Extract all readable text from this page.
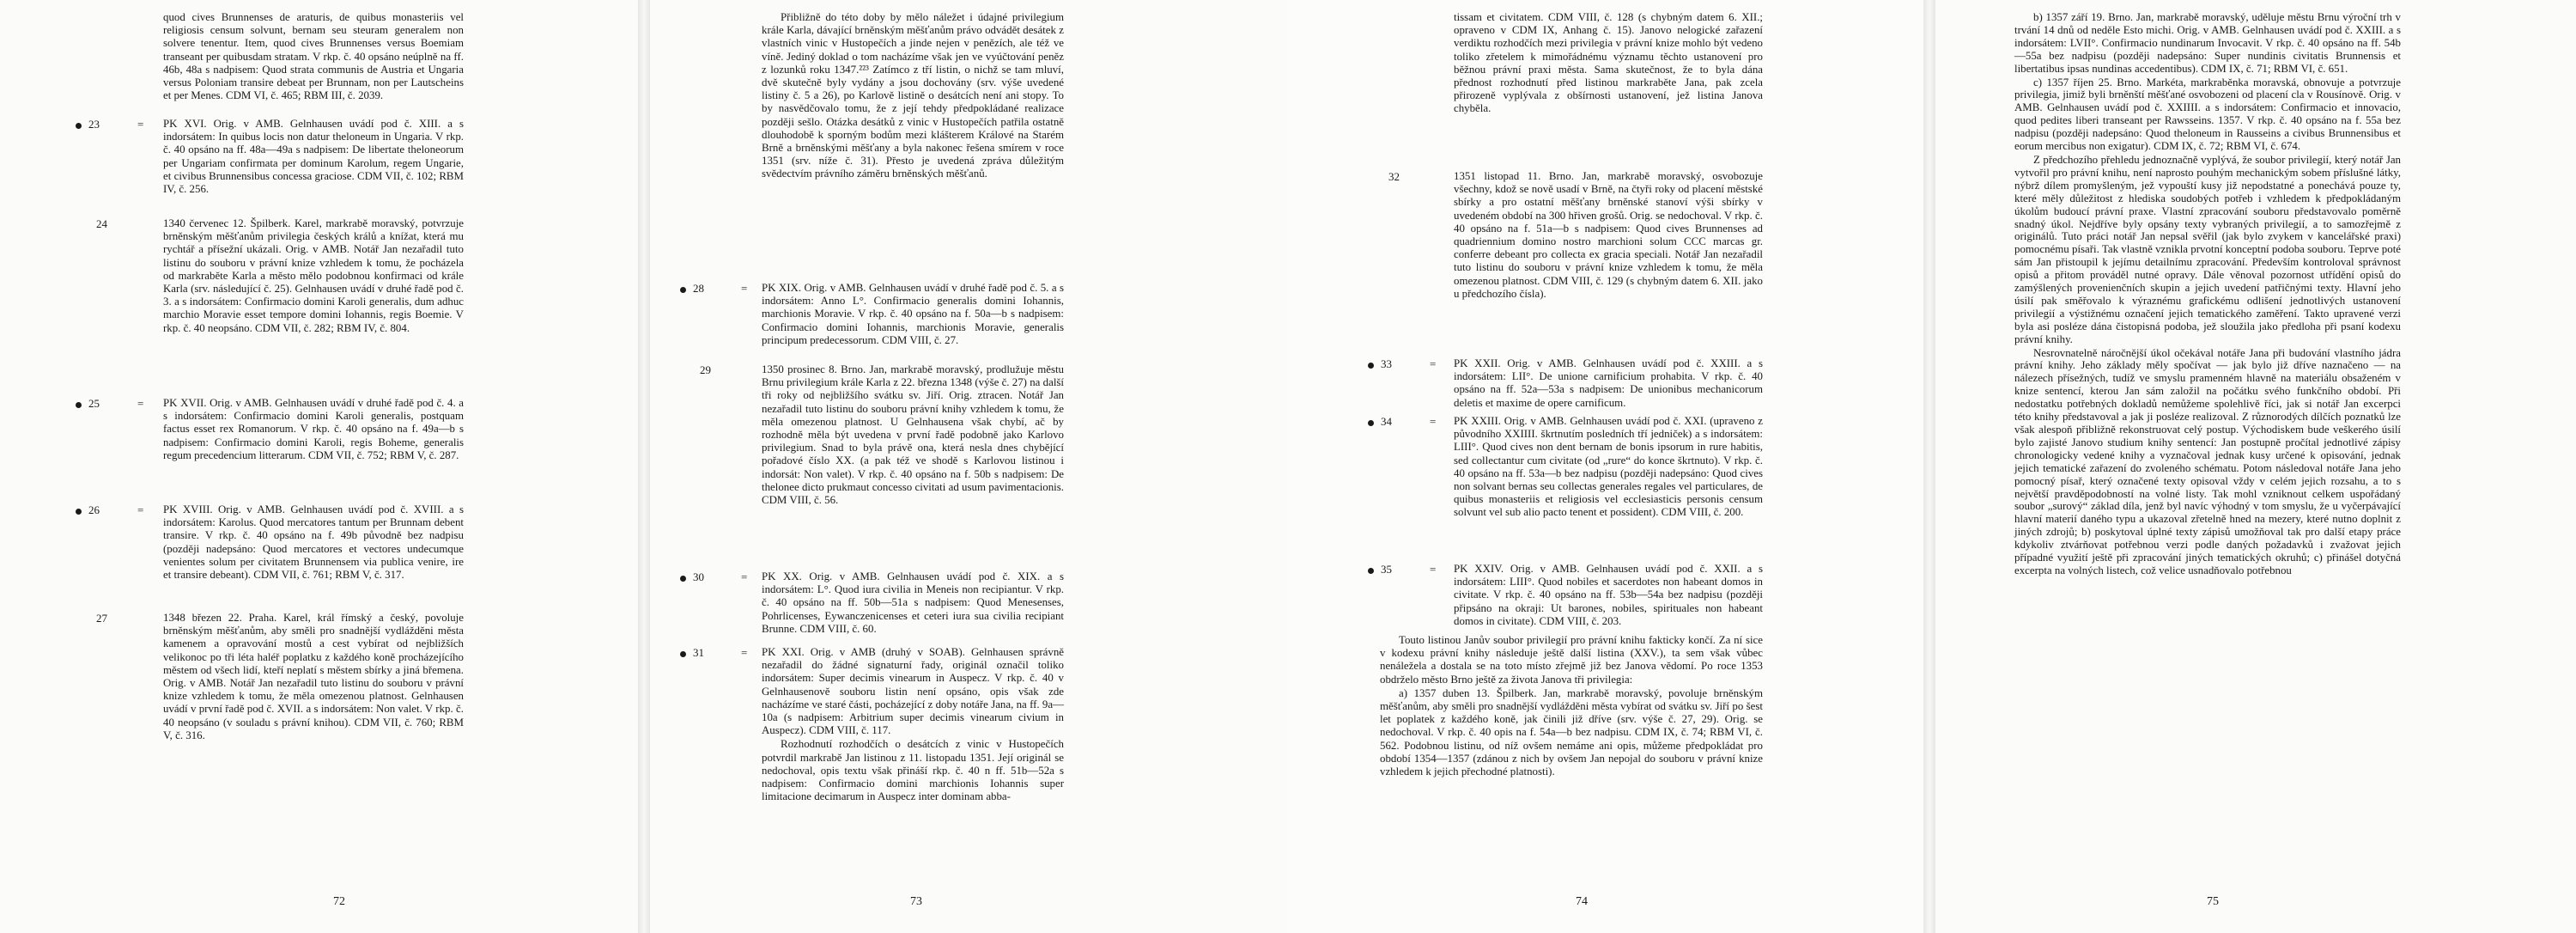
quod cives Brunnenses de araturis, de quibus monasteriis vel religiosis censum solvunt, bernam seu steuram generalem non solvere tenentur. Item, quod cives Brunnenses versus Boemiam transeant per quibusdam stratam. V rkp. č. 40 opsáno neúplně na ff. 46b, 48a s nadpisem: Quod strata communis de Austria et Ungaria versus Poloniam transire debeat per Brunnam, non per Lautscheins et per Menes. CDM VI, č. 465; RBM III, č. 2039.

23	= PK XVI. Orig. v AMB. Gelnhausen uvádí pod č. XIII. a s indorsátem: In quibus locis non datur theloneum in Ungaria. V rkp. č. 40 opsáno na ff. 48a—49a s nadpisem: De libertate theloneorum per Ungariam confirmata per dominum Karolum, regem Ungarie, et civibus Brunnensibus concessa graciose. CDM VII, č. 102; RBM IV, č. 256.

24	1340 červenec 12. Špilberk. Karel, markrabě moravský, potvrzuje brněnským měšťanům privilegia českých králů a knížat, která mu rychtář a přísežní ukázali. Orig. v AMB. Notář Jan nezařadil tuto listinu do souboru v právní knize vzhledem k tomu, že pocházela od markraběte Karla a město mělo podobnou konfirmaci od krále Karla (srv. následující č. 25). Gelnhausen uvádí v druhé řadě pod č. 3. a s indorsátem: Confirmacio domini Karoli generalis, dum adhuc marchio Moravie esset tempore domini Iohannis, regis Boemie. V rkp. č. 40 neopsáno. CDM VII, č. 282; RBM IV, č. 804.

25	= PK XVII. Orig. v AMB. Gelnhausen uvádí v druhé řadě pod č. 4. a s indorsátem: Confirmacio domini Karoli generalis, postquam factus esset rex Romanorum. V rkp. č. 40 opsáno na f. 49a—b s nadpisem: Confirmacio domini Karoli, regis Boheme, generalis regum precedencium litterarum. CDM VII, č. 752; RBM V, č. 287.

26	= PK XVIII. Orig. v AMB. Gelnhausen uvádí pod č. XVIII. a s indorsátem: Karolus. Quod mercatores tantum per Brunnam debent transire. V rkp. č. 40 opsáno na f. 49b původně bez nadpisu (později nadepsáno: Quod mercatores et vectores undecumque venientes solum per civitatem Brunnensem via publica venire, ire et transire debeant). CDM VII, č. 761; RBM V, č. 317.

27	1348 březen 22. Praha. Karel, král římský a český, povoluje brněnským měšťanům, aby směli pro snadnější vydlážděni města kamenem a opravování mostů a cest vybírat od nejbližších velikonoc po tři léta haléř poplatku z každého koně procházejícího městem od všech lidí, kteří neplatí s městem sbírky a jiná břemena. Orig. v AMB. Notář Jan nezařadil tuto listinu do souboru v právní knize vzhledem k tomu, že měla omezenou platnost. Gelnhausen uvádí v první řadě pod č. XVII. a s indorsátem: Non valet. V rkp. č. 40 neopsáno (v souladu s právní knihou). CDM VII, č. 760; RBM V, č. 316.

72

Přibližně do této doby by mělo náležet i údajné privilegium krále Karla, dávající brněnským měšťanům právo odvádět desátek z vlastních vinic v Hustopečích a jinde nejen v penězích, ale též ve víně. Jediný doklad o tom nacházíme však jen ve vyúčtování peněz z lozunků roku 1347.²²³ Zatímco z tří listin, o nichž se tam mluví, dvě skutečně byly vydány a jsou dochovány (srv. výše uvedené listiny č. 5 a 26), po Karlově listině o desátcích není ani stopy. To by nasvědčovalo tomu, že z její tehdy předpokládané realizace později sešlo. Otázka desátků z vinic v Hustopečích patřila ostatně dlouhodobě k sporným bodům mezi klášterem Králové na Starém Brně a brněnskými měšťany a byla nakonec řešena smírem v roce 1351 (srv. níže č. 31). Přesto je uvedená zpráva důležitým svědectvím právního záměru brněnských měšťanů.

28	= PK XIX. Orig. v AMB. Gelnhausen uvádí v druhé řadě pod č. 5. a s indorsátem: Anno L°. Confirmacio generalis domini Iohannis, marchionis Moravie. V rkp. č. 40 opsáno na f. 50a—b s nadpisem: Confirmacio domini Iohannis, marchionis Moravie, generalis principum predecessorum. CDM VIII, č. 27.

29	1350 prosinec 8. Brno. Jan, markrabě moravský, prodlužuje městu Brnu privilegium krále Karla z 22. března 1348 (výše č. 27) na další tři roky od nejbližšího svátku sv. Jiří. Orig. ztracen. Notář Jan nezařadil tuto listinu do souboru právní knihy vzhledem k tomu, že měla omezenou platnost. U Gelnhausena však chybí, ač by rozhodně měla být uvedena v první řadě podobně jako Karlovo privilegium. Snad to byla právě ona, která nesla dnes chybějící pořadové číslo XX. (a pak též ve shodě s Karlovou listinou i indorsát: Non valet). V rkp. č. 40 opsáno na f. 50b s nadpisem: De thelonee dicto prukmaut concesso civitati ad usum pavimentacionis. CDM VIII, č. 56.

30	= PK XX. Orig. v AMB. Gelnhausen uvádí pod č. XIX. a s indorsátem: L°. Quod iura civilia in Meneis non recipiantur. V rkp. č. 40 opsáno na ff. 50b—51a s nadpisem: Quod Menesenses, Pohrlicenses, Eywanczenicenses et ceteri iura sua civilia recipiant Brunne. CDM VIII, č. 60.

31	= PK XXI. Orig. v AMB (druhý v SOAB). Gelnhausen správně nezařadil do žádné signaturní řady, originál označil toliko indorsátem: Super decimis vinearum in Auspecz. V rkp. č. 40 v Gelnhausenově souboru listin není opsáno, opis však zde nacházíme ve staré části, pocházející z doby notáře Jana, na ff. 9a—10a (s nadpisem: Arbitrium super decimis vinearum civium in Auspecz). CDM VIII, č. 117.

Rozhodnutí rozhodčích o desátcích z vinic v Hustopečích potvrdil markrabě Jan listinou z 11. listopadu 1351. Její originál se nedochoval, opis textu však přináší rkp. č. 40 n ff. 51b—52a s nadpisem: Confirmacio domini marchionis Iohannis super limitacione decimarum in Auspecz inter dominam abba-

73

tissam et civitatem. CDM VIII, č. 128 (s chybným datem 6. XII.; opraveno v CDM IX, Anhang č. 15). Janovo nelogické zařazení verdiktu rozhodčích mezi privilegia v právní knize mohlo být vedeno toliko zřetelem k mimořádnému významu těchto ustanovení pro běžnou právní praxi města. Sama skutečnost, že to byla dána přednost rozhodnutí před listinou markraběte Jana, pak zcela přirozeně vyplývala z obšírnosti ustanovení, jež listina Janova chyběla.

32	1351 listopad 11. Brno. Jan, markrabě moravský, osvobozuje všechny, kdož se nově usadí v Brně, na čtyři roky od placení městské sbírky a pro ostatní měšťany brněnské stanoví výši sbírky v uvedeném období na 300 hřiven grošů. Orig. se nedochoval. V rkp. č. 40 opsáno na f. 51a—b s nadpisem: Quod cives Brunnenses ad quadriennium domino nostro marchioni solum CCC marcas gr. conferre debeant pro collecta ex gracia speciali. Notář Jan nezařadil tuto listinu do souboru v právní knize vzhledem k tomu, že měla omezenou platnost. CDM VIII, č. 129 (s chybným datem 6. XII. jako u předchozího čísla).

33	= PK XXII. Orig. v AMB. Gelnhausen uvádí pod č. XXIII. a s indorsátem: LII°. De unione carnificium prohabita. V rkp. č. 40 opsáno na ff. 52a—53a s nadpisem: De unionibus mechanicorum deletis et maxime de opere carnificum.

34	= PK XXIII. Orig. v AMB. Gelnhausen uvádí pod č. XXI. (upraveno z původního XXIIII. škrtnutím posledních tří jedniček) a s indorsátem: LIII°. Quod cives non dent bernam de bonis ipsorum in rure habitis, sed collectantur cum civitate (od „rure“ do konce škrtnuto). V rkp. č. 40 opsáno na ff. 53a—b bez nadpisu (později nadepsáno: Quod cives non solvant bernas seu collectas generales regales vel particulares, de quibus monasteriis et religiosis vel ecclesiasticis personis censum solvunt vel sub alio pacto tenent et possident). CDM VIII, č. 200.

35	= PK XXIV. Orig. v AMB. Gelnhausen uvádí pod č. XXII. a s indorsátem: LIII°. Quod nobiles et sacerdotes non habeant domos in civitate. V rkp. č. 40 opsáno na ff. 53b—54a bez nadpisu (později připsáno na okraji: Ut barones, nobiles, spirituales non habeant domos in civitate). CDM VIII, č. 203.

Touto listinou Janův soubor privilegií pro právní knihu fakticky končí. Za ní sice v kodexu právní knihy následuje ještě další listina (XXV.), ta sem však vůbec nenáležela a dostala se na toto místo zřejmě již bez Janova vědomí. Po roce 1353 obdrželo město Brno ještě za života Janova tři privilegia:

a) 1357 duben 13. Špilberk. Jan, markrabě moravský, povoluje brněnským měšťanům, aby směli pro snadnější vydlážděni města vybírat od svátku sv. Jiří po šest let poplatek z každého koně, jak činili již dříve (srv. výše č. 27, 29). Orig. se nedochoval. V rkp. č. 40 opis na f. 54a—b bez nadpisu. CDM IX, č. 74; RBM VI, č. 562. Podobnou listinu, od níž ovšem nemáme ani opis, můžeme předpokládat pro období 1354—1357 (zdánou z nich by ovšem Jan nepojal do souboru v právní knize vzhledem k jejich přechodné platnosti).

74

b) 1357 září 19. Brno. Jan, markrabě moravský, uděluje městu Brnu výroční trh v trvání 14 dnů od neděle Esto michi. Orig. v AMB. Gelnhausen uvádí pod č. XXIII. a s indorsátem: LVII°. Confirmacio nundinarum Invocavit. V rkp. č. 40 opsáno na ff. 54b—55a bez nadpisu (později nadepsáno: Super nundinis civitatis Brunnensis et libertatibus ipsas nundinas accedentibus). CDM IX, č. 71; RBM VI, č. 651.

c) 1357 říjen 25. Brno. Markéta, markraběnka moravská, obnovuje a potvrzuje privilegia, jimiž byli brněnští měšťané osvobozeni od placení cla v Rousínově. Orig. v AMB. Gelnhausen uvádí pod č. XXIIII. a s indorsátem: Confirmacio et innovacio, quod pedites liberi transeant per Rawsseins. 1357. V rkp. č. 40 opsáno na f. 55a bez nadpisu (později nadepsáno: Quod theloneum in Rausseins a civibus Brunnensibus et eorum mercibus non exigatur). CDM IX, č. 72; RBM VI, č. 674.

Z předchozího přehledu jednoznačně vyplývá, že soubor privilegií, který notář Jan vytvořil pro právní knihu, není naprosto pouhým mechanickým sobem příslušné látky, nýbrž dílem promyšleným, jež vypouští kusy již nepodstatné a ponechává pouze ty, které měly důležitost z hlediska soudobých potřeb i vzhledem k předpokládaným úkolům budoucí právní praxe. Vlastní zpracování souboru představovalo poměrně snadný úkol. Nejdříve byly opsány texty vybraných privilegií, a to samozřejmě z originálů. Tuto práci notář Jan nepsal svěřil (jak bylo zvykem v kancelářské praxi) pomocnému písaři. Tak vlastně vznikla prvotní konceptní podoba souboru. Teprve poté sám Jan přistoupil k jejímu detailnímu zpracování. Především kontroloval správnost opisů a přitom prováděl nutné opravy. Dále věnoval pozornost utřídění opisů do zamýšlených provenienčních skupin a jejich uvedení patřičnými texty. Hlavní jeho úsilí pak směřovalo k výraznému grafickému odlišení jednotlivých ustanovení privilegií a výstižnému označení jejich tematického zaměření. Takto upravené verzi byla asi posléze dána čistopisná podoba, jež sloužila jako předloha při psaní kodexu právní knihy.

Nesrovnatelně náročnější úkol očekával notáře Jana při budování vlastního jádra právní knihy. Jeho základy měly spočívat — jak bylo již dříve naznačeno — na nálezech přísežných, tudíž ve smyslu pramenném hlavně na materiálu obsaženém v knize sentencí, kterou Jan sám založil na počátku svého funkčního období. Při nedostatku potřebných dokladů nemůžeme spolehlivě říci, jak si notář Jan excerpci této knihy představoval a jak ji posléze realizoval. Z různorodých dílčích poznatků lze však alespoň přibližně rekonstruovat celý postup. Východiskem bude veškerého úsilí bylo zajisté Janovo studium knihy sentencí: Jan postupně pročítal jednotlivé zápisy chronologicky vedené knihy a vyznačoval jednak kusy určené k opisování, jednak jejich tematické zařazení do zvoleného schématu. Potom následoval notáře Jana jeho pomocný písař, který označené texty opisoval vždy v celém jejich rozsahu, a to s největší pravděpodobností na volné listy. Tak mohl vzniknout celkem uspořádaný soubor „surový“ základ díla, jenž byl navíc výhodný v tom smyslu, že u vyčerpávající hlavní materií daného typu a ukazoval zřetelně hned na mezery, které nutno doplnit z jiných zdrojů; b) poskytoval úplné texty zápisů umožňoval tak pro další etapy práce kdykoliv ztvárňovat potřebnou verzi podle daných požadavků i zvažovat jejich případné využití ještě při zpracování jiných tematických okruhů; c) přinášel dotyčná excerpta na volných listech, což velice usnadňovalo potřebnou

75
